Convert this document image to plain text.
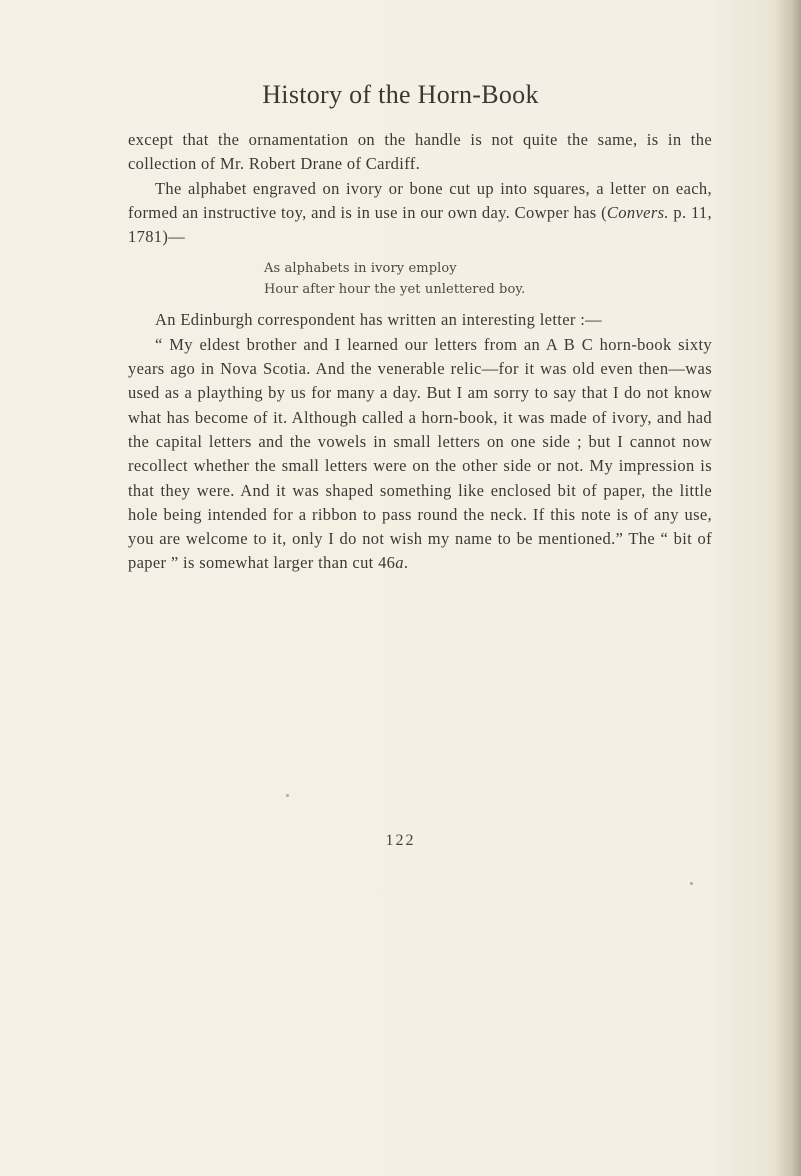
History of the Horn-Book

except that the ornamentation on the handle is not quite the same, is in the collection of Mr. Robert Drane of Cardiff.

The alphabet engraved on ivory or bone cut up into squares, a letter on each, formed an instructive toy, and is in use in our own day. Cowper has (Convers. p. 11, 1781)—

As alphabets in ivory employ
Hour after hour the yet unlettered boy.

An Edinburgh correspondent has written an interesting letter :—

“ My eldest brother and I learned our letters from an A B C horn-book sixty years ago in Nova Scotia. And the venerable relic—for it was old even then—was used as a plaything by us for many a day. But I am sorry to say that I do not know what has become of it. Although called a horn-book, it was made of ivory, and had the capital letters and the vowels in small letters on one side ; but I cannot now recollect whether the small letters were on the other side or not. My impression is that they were. And it was shaped something like enclosed bit of paper, the little hole being intended for a ribbon to pass round the neck. If this note is of any use, you are welcome to it, only I do not wish my name to be mentioned.” The “ bit of paper ” is somewhat larger than cut 46a.

122
